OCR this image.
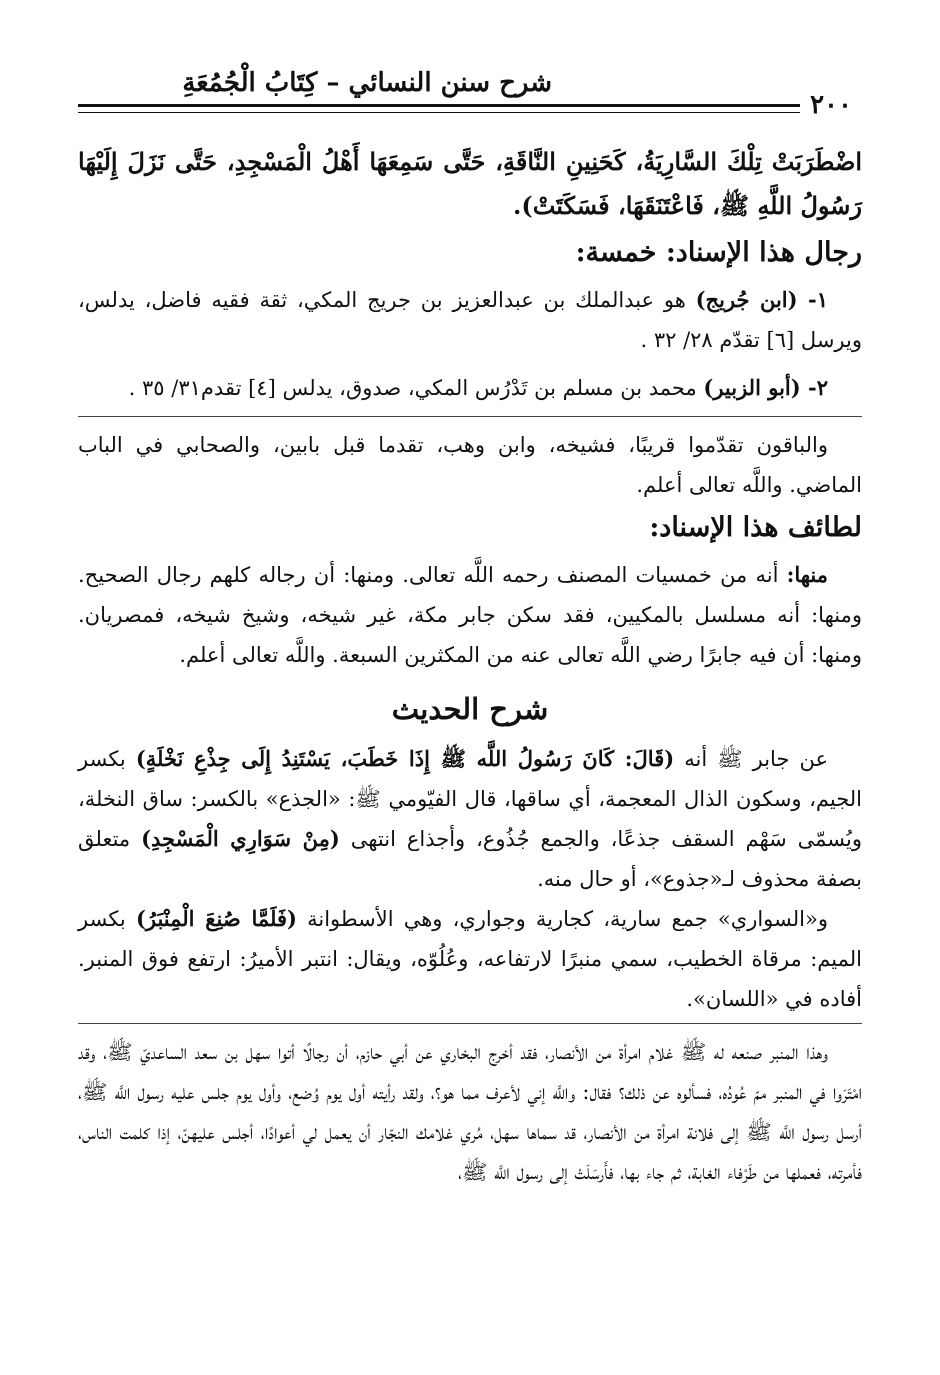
شرح سنن النسائي – كِتَابُ الْجُمُعَةِ
٢٠٠

اضْطَرَبَتْ تِلْكَ السَّارِيَةُ، كَحَنِينِ النَّاقَةِ، حَتَّى سَمِعَهَا أَهْلُ الْمَسْجِدِ، حَتَّى نَزَلَ إِلَيْهَا رَسُولُ اللَّهِ ﷺ، فَاعْتَنَقَهَا، فَسَكَتَتْ).

رجال هذا الإسناد: خمسة:

١- (ابن جُريج) هو عبدالملك بن عبدالعزيز بن جريج المكي، ثقة فقيه فاضل، يدلس، ويرسل [٦] تقدّم ٢٨/ ٣٢ .

٢- (أبو الزبير) محمد بن مسلم بن تَدْرُس المكي، صدوق، يدلس [٤] تقدم٣١/ ٣٥ .

والباقون تقدّموا قريبًا، فشيخه، وابن وهب، تقدما قبل بابين، والصحابي في الباب الماضي. واللَّه تعالى أعلم.

لطائف هذا الإسناد:

منها: أنه من خمسيات المصنف رحمه اللَّه تعالى. ومنها: أن رجاله كلهم رجال الصحيح. ومنها: أنه مسلسل بالمكيين، فقد سكن جابر مكة، غير شيخه، وشيخ شيخه، فمصريان. ومنها: أن فيه جابرًا رضي اللَّه تعالى عنه من المكثرين السبعة. واللَّه تعالى أعلم.

شرح الحديث

عن جابر ﷺ أنه (قَالَ: كَانَ رَسُولُ اللَّه ﷺ إِذَا خَطَبَ، يَسْتَنِدُ إِلَى جِذْعِ نَخْلَةٍ) بكسر الجيم، وسكون الذال المعجمة، أي ساقها، قال الفيّومي ﷺ: «الجذع» بالكسر: ساق النخلة، ويُسمّى سَهْم السقف جذعًا، والجمع جُذُوع، وأجذاع انتهى (مِنْ سَوَارِي الْمَسْجِدِ) متعلق بصفة محذوف لـ«جذوع»، أو حال منه.

و«السواري» جمع سارية، كجارية وجواري، وهي الأسطوانة (فَلَمَّا صُنِعَ الْمِنْبَرُ) بكسر الميم: مرقاة الخطيب، سمي منبرًا لارتفاعه، وعُلُوّه، ويقال: انتبر الأميرُ: ارتفع فوق المنبر. أفاده في «اللسان».

وهذا المنبر صنعه له ﷺ غلام امرأة من الأنصار، فقد أخرج البخاري عن أبي حازم، أن رجالًا أتوا سهل بن سعد الساعديّ ﷺ، وقد امْتَرَوا في المنبر ممّ عُودُه، فسألوه عن ذلك؟ فقال: واللَّه إني لأعرف مما هو؟، ولقد رأيته أول يوم وُضع، وأول يوم جلس عليه رسول اللَّه ﷺ، أرسل رسول اللَّه ﷺ إلى فلانة امرأة من الأنصار، قد سماها سهل، مُري غلامك النجّار أن يعمل لي أعوادًا، أجلس عليهنّ، إذا كلمت الناس، فأمرته، فعملها من طَرْفاء الغابة، ثم جاء بها، فأَرسَلَتْ إلى رسول اللَّه ﷺ،
